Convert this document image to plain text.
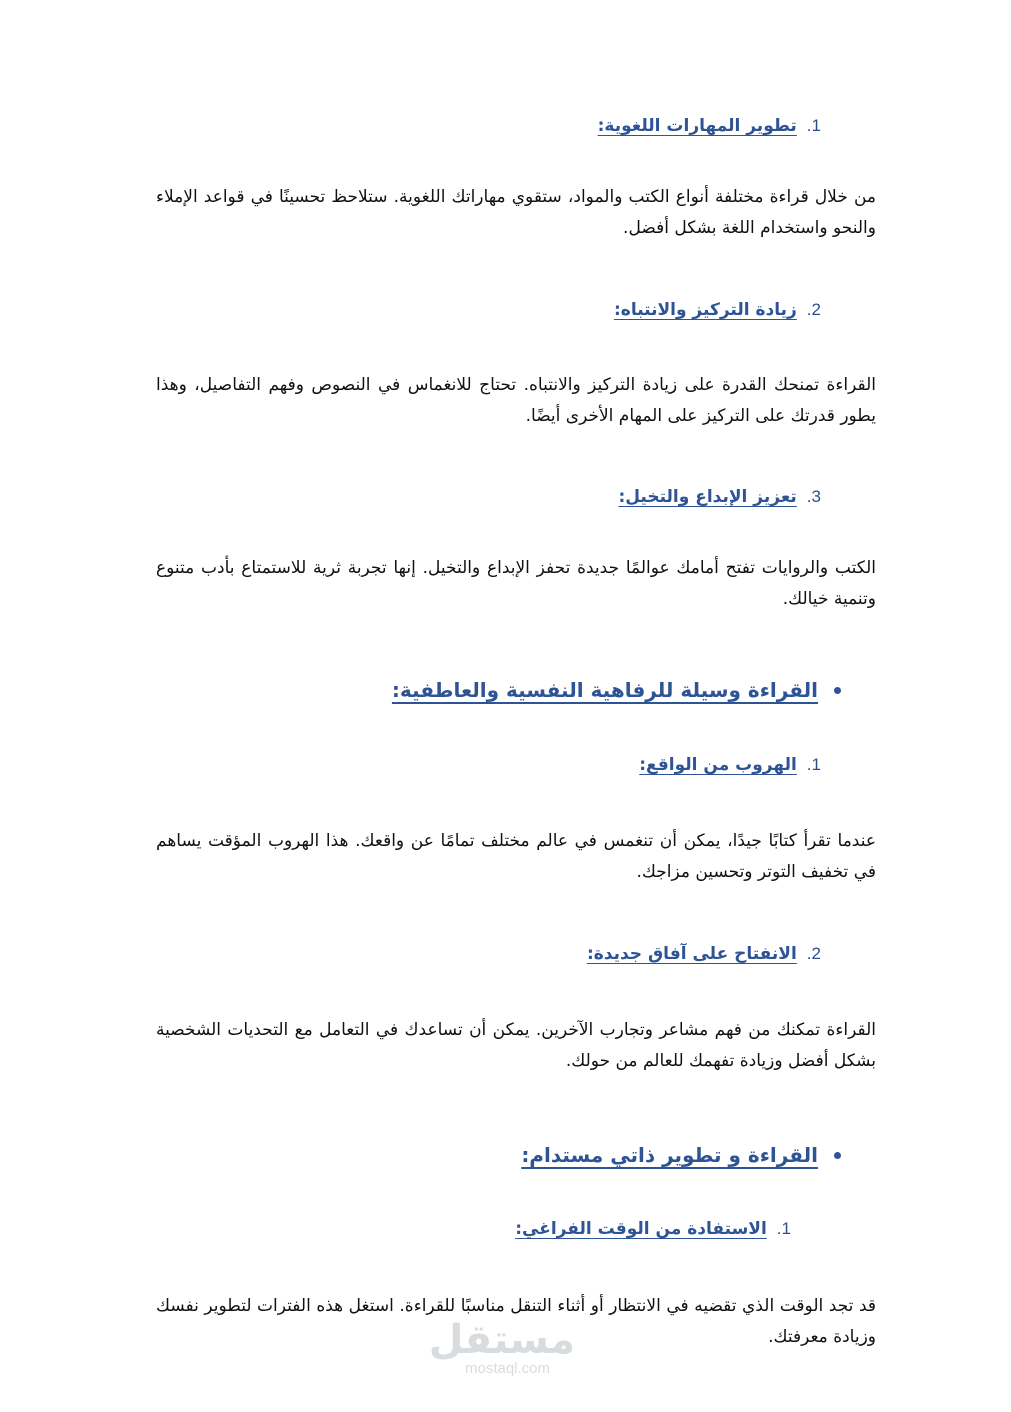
1.
تطوير المهارات اللغوية:
من خلال قراءة مختلفة أنواع الكتب والمواد، ستقوي مهاراتك اللغوية. ستلاحظ تحسينًا في قواعد الإملاء والنحو واستخدام اللغة بشكل أفضل.
2.
زيادة التركيز والانتباه:
القراءة تمنحك القدرة على زيادة التركيز والانتباه. تحتاج للانغماس في النصوص وفهم التفاصيل، وهذا يطور قدرتك على التركيز على المهام الأخرى أيضًا.
3.
تعزيز الإبداع والتخيل:
الكتب والروايات تفتح أمامك عوالمًا جديدة تحفز الإبداع والتخيل. إنها تجربة ثرية للاستمتاع بأدب متنوع وتنمية خيالك.
القراءة وسيلة للرفاهية النفسية والعاطفية:
1.
الهروب من الواقع:
عندما تقرأ كتابًا جيدًا، يمكن أن تنغمس في عالم مختلف تمامًا عن واقعك. هذا الهروب المؤقت يساهم في تخفيف التوتر وتحسين مزاجك.
2.
الانفتاح على آفاق جديدة:
القراءة تمكنك من فهم مشاعر وتجارب الآخرين. يمكن أن تساعدك في التعامل مع التحديات الشخصية بشكل أفضل وزيادة تفهمك للعالم من حولك.
القراءة و تطوير ذاتي مستدام:
1.
الاستفادة من الوقت الفراغي:
قد تجد الوقت الذي تقضيه في الانتظار أو أثناء التنقل مناسبًا للقراءة. استغل هذه الفترات لتطوير نفسك وزيادة معرفتك.
مستقل
mostaql.com
